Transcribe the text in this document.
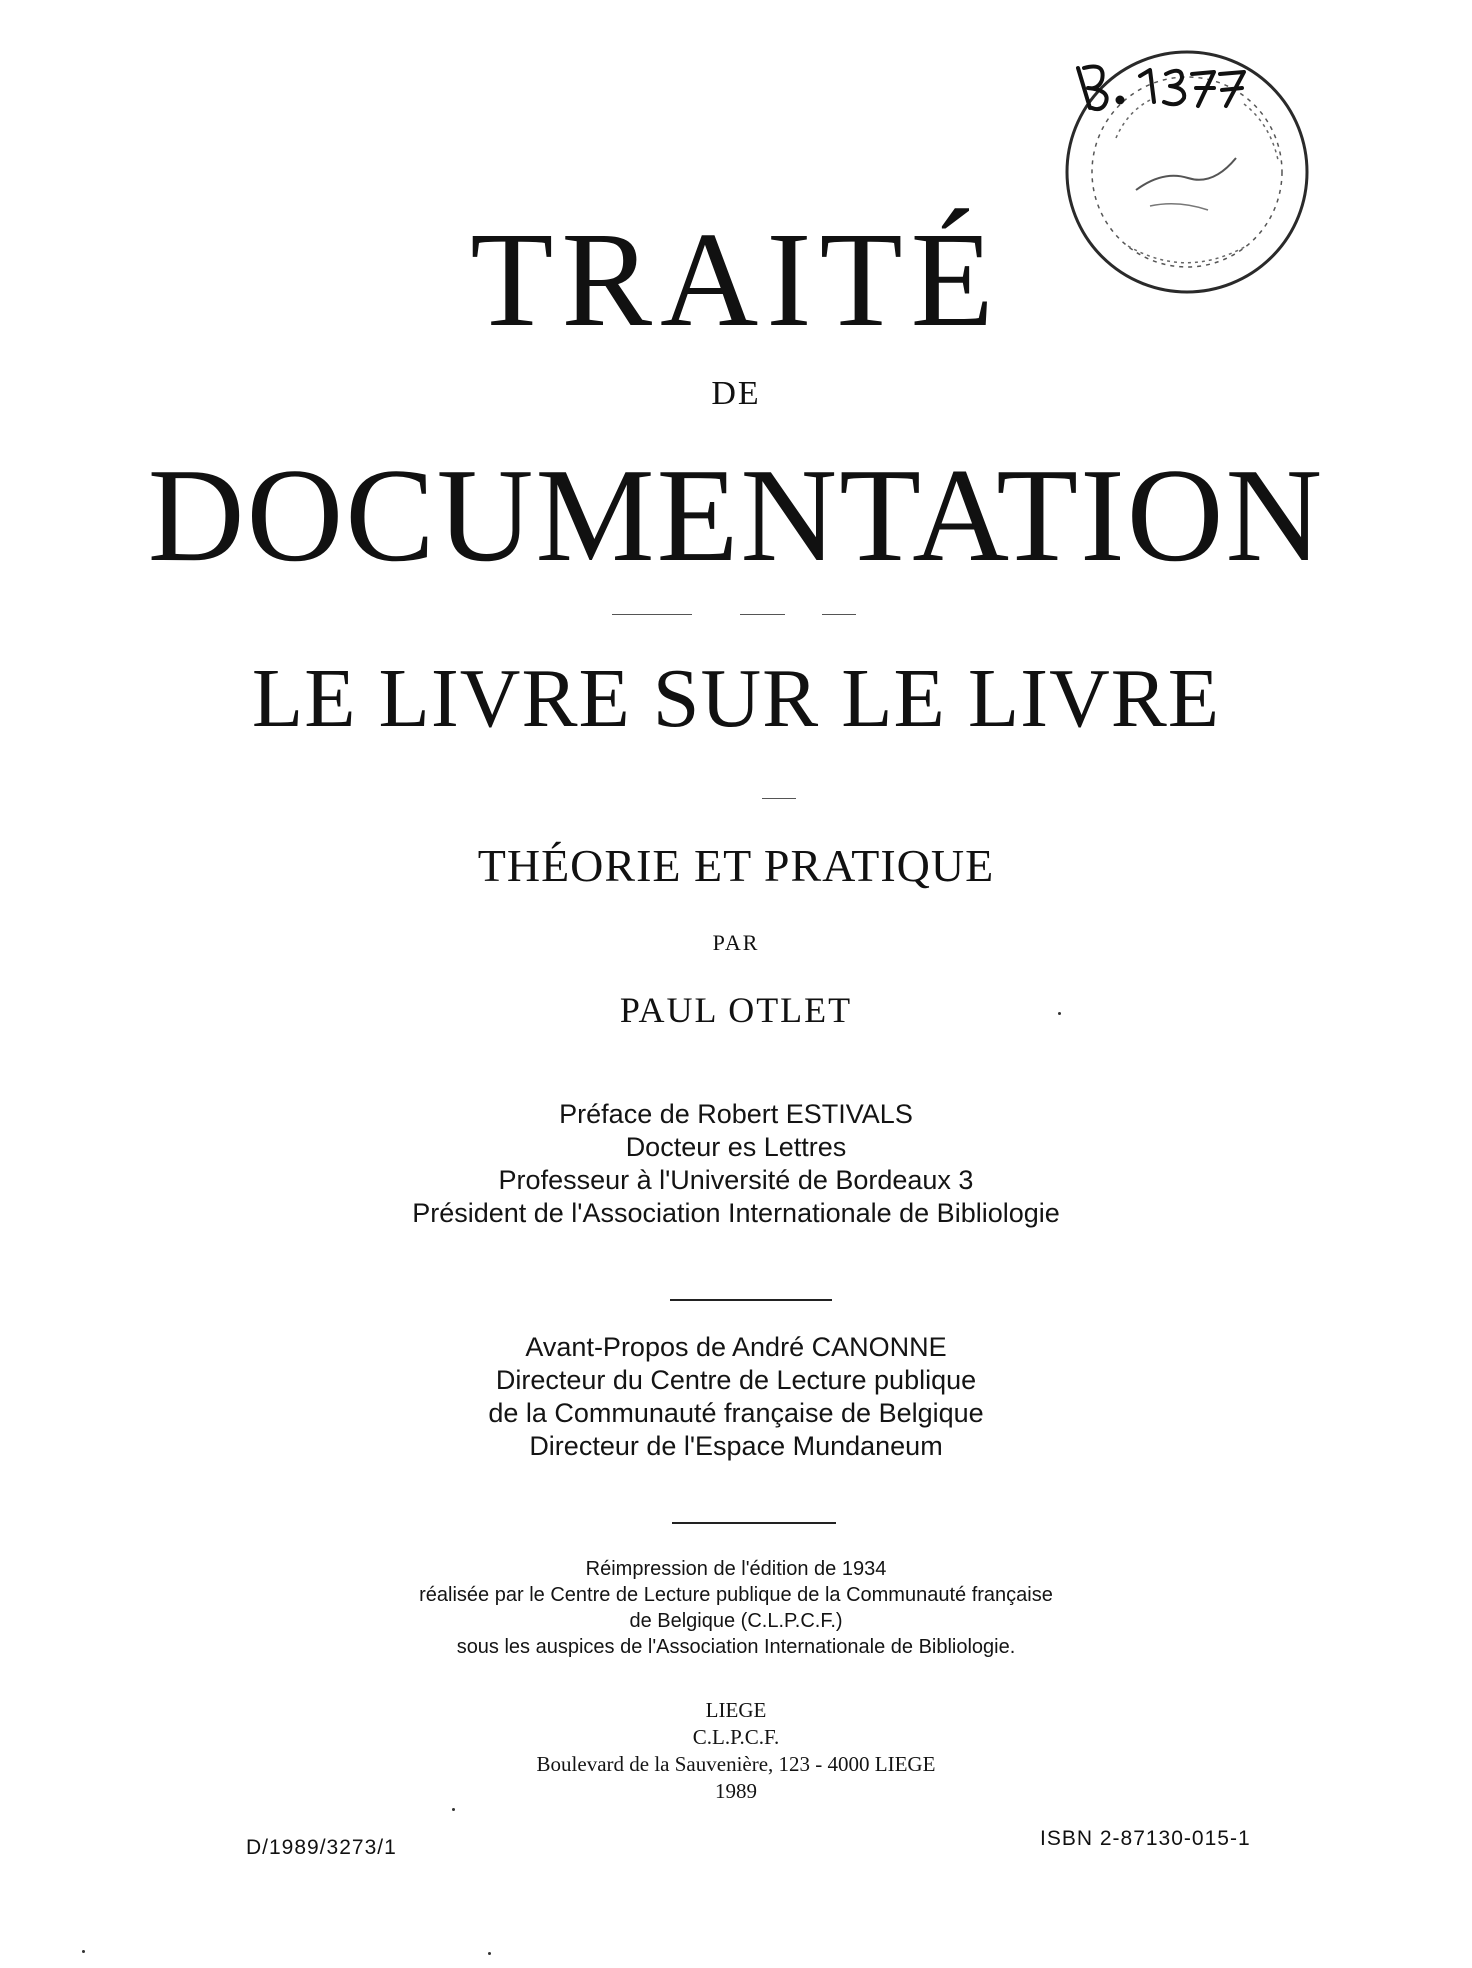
TRAITÉ
DE
DOCUMENTATION
LE LIVRE SUR LE LIVRE
THÉORIE ET PRATIQUE
PAR
PAUL OTLET
Préface de Robert ESTIVALS
Docteur es Lettres
Professeur à l'Université de Bordeaux 3
Président de l'Association Internationale de Bibliologie
Avant-Propos de André CANONNE
Directeur du Centre de Lecture publique
de la Communauté française de Belgique
Directeur de l'Espace Mundaneum
Réimpression de l'édition de 1934
réalisée par le Centre de Lecture publique de la Communauté française
de Belgique (C.L.P.C.F.)
sous les auspices de l'Association Internationale de Bibliologie.
LIEGE
C.L.P.C.F.
Boulevard de la Sauvenière, 123 - 4000 LIEGE
1989
D/1989/3273/1	ISBN 2-87130-015-1
